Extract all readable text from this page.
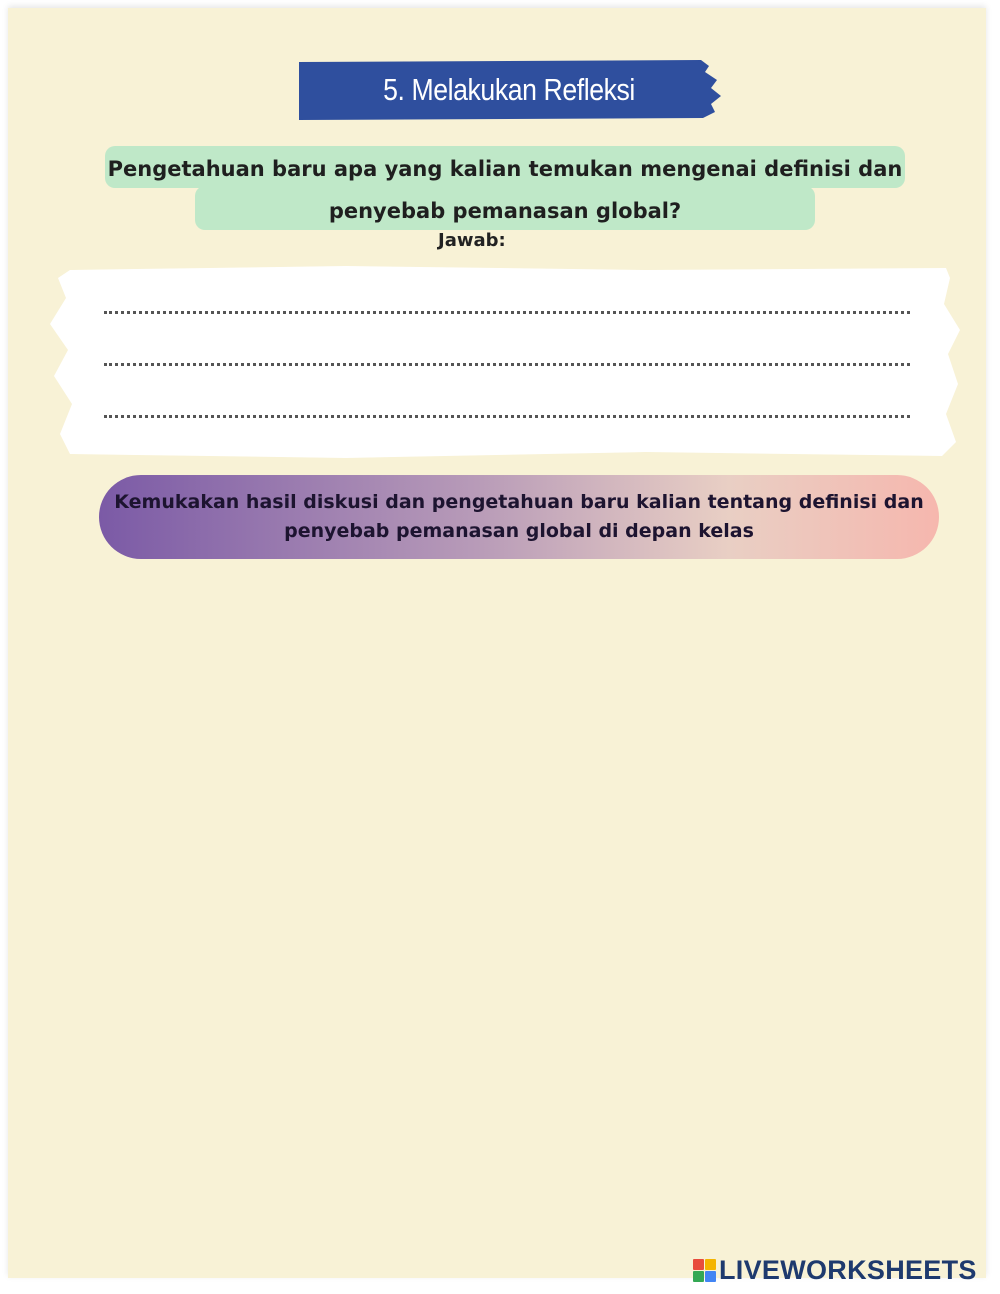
5. Melakukan Refleksi
Pengetahuan baru apa yang kalian temukan mengenai definisi dan penyebab pemanasan global?
Jawab:
Kemukakan hasil diskusi dan pengetahuan baru kalian tentang definisi dan penyebab pemanasan global di depan kelas
LIVEWORKSHEETS
